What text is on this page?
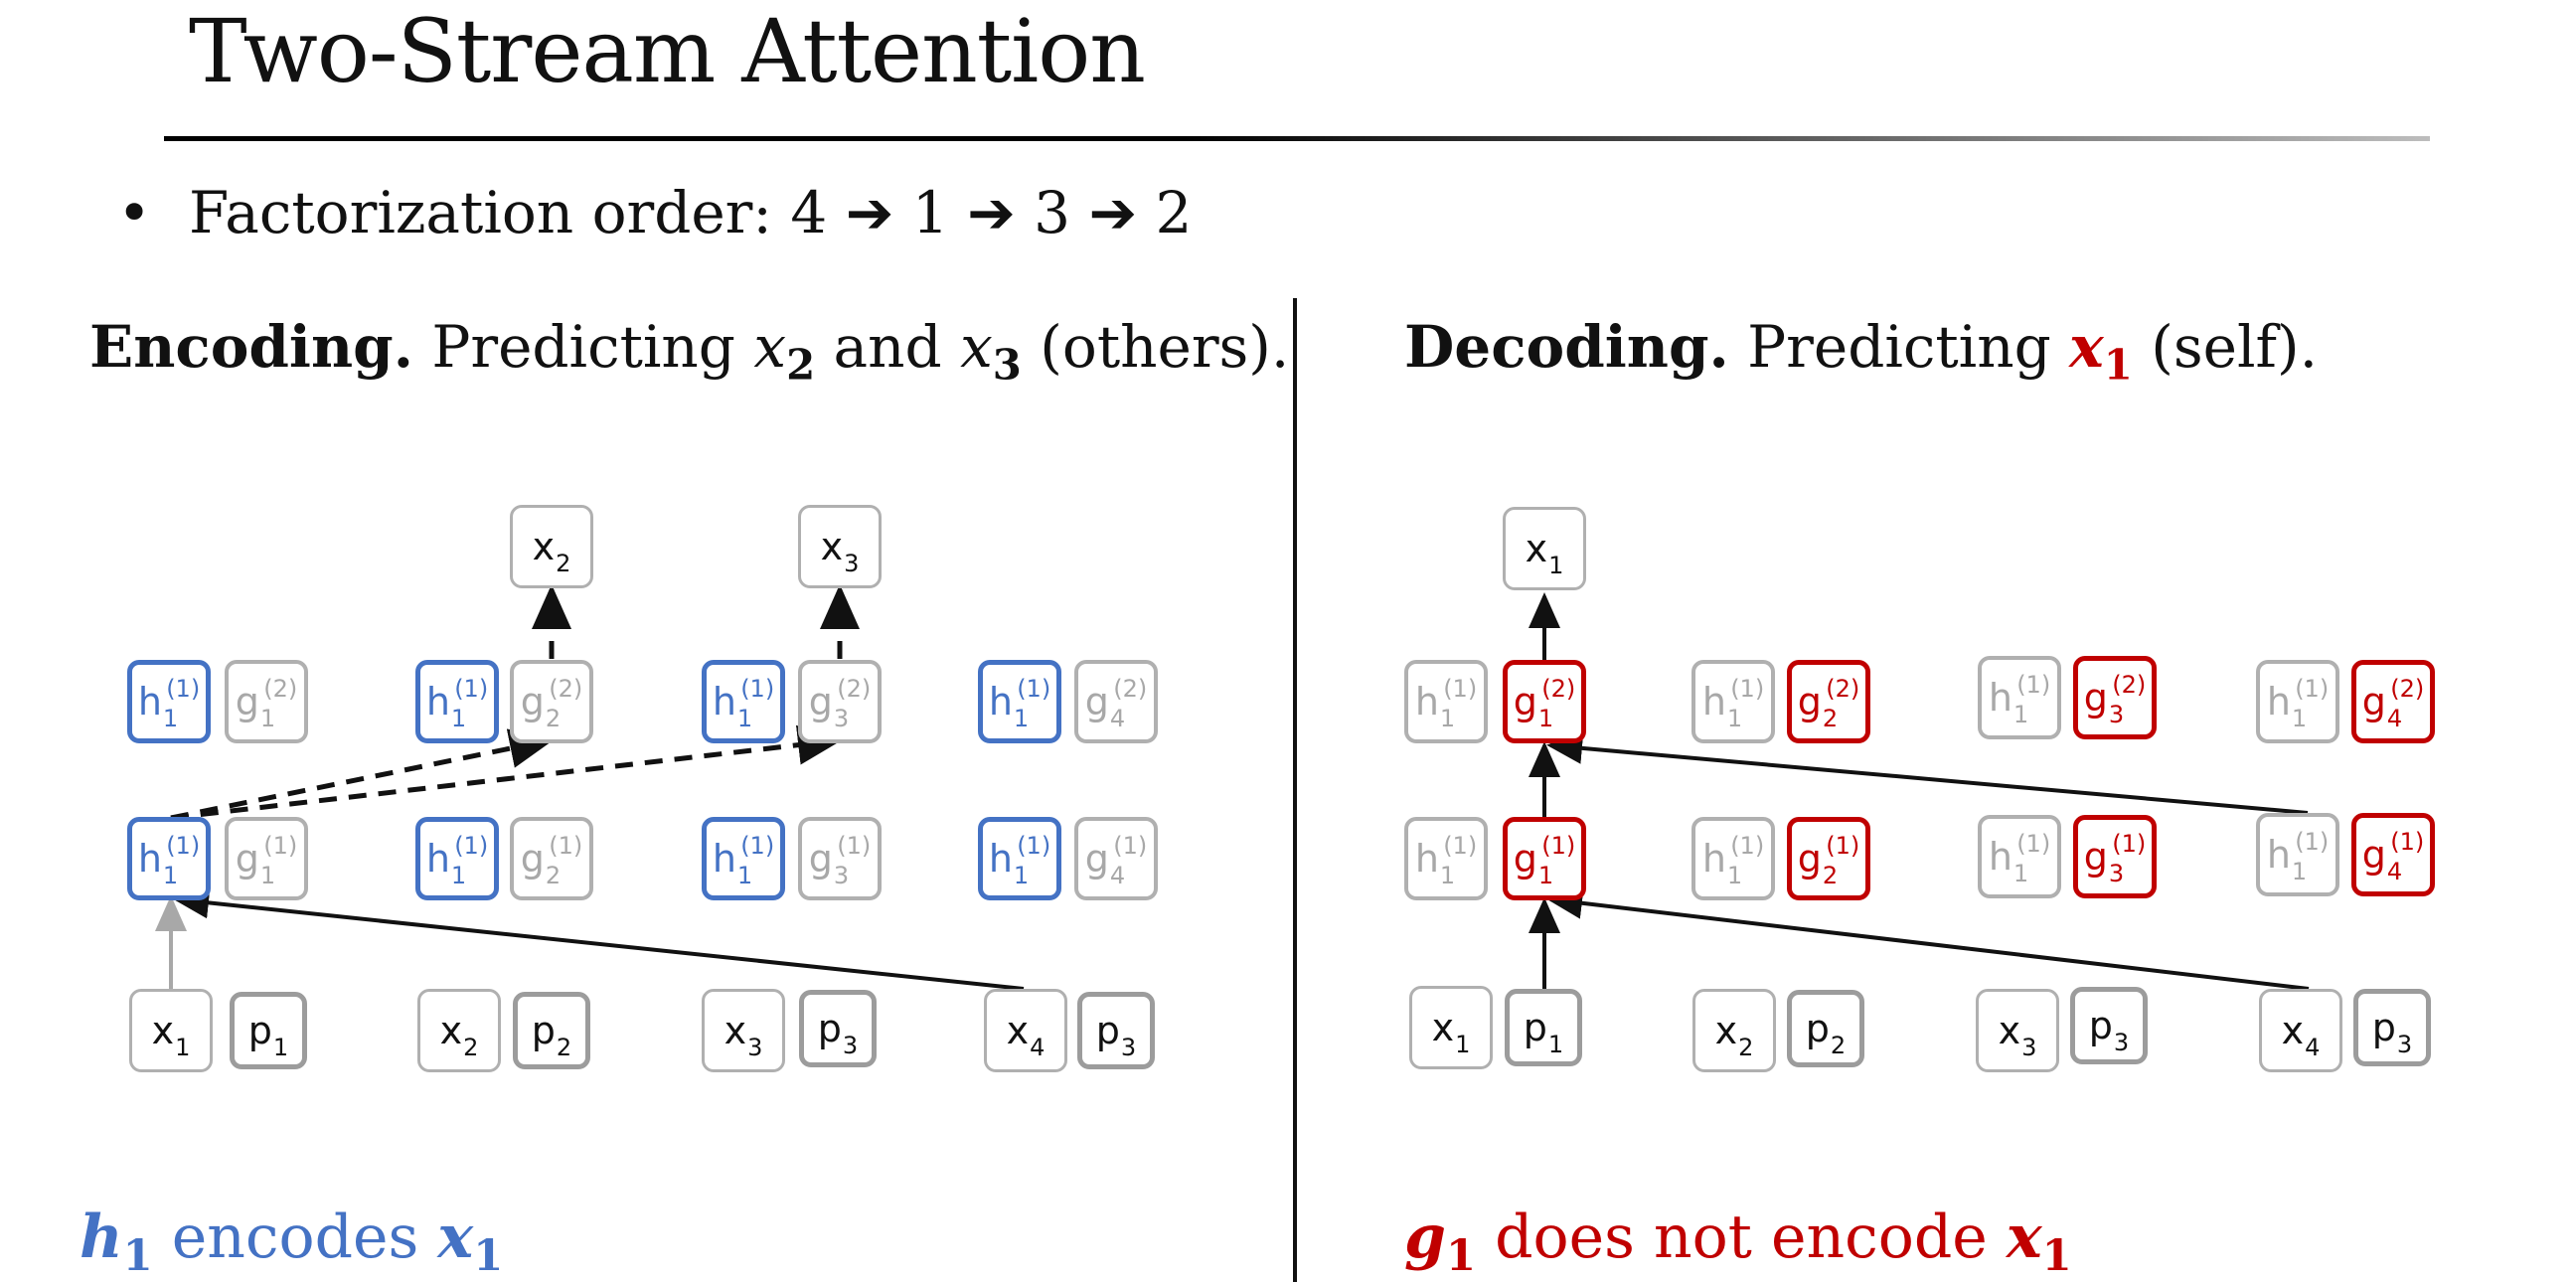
Two-Stream Attention
• Factorization order: 4 ➔ 1 ➔ 3 ➔ 2
Encoding. Predicting $x_2$ and $x_3$ (others). Decoding. Predicting $x_1$ (self).
$x_2$	$x_3$
$h_1^{(1)}$ $g_1^{(2)}$	$h_1^{(1)}$ $g_2^{(2)}$	$h_1^{(1)}$ $g_3^{(2)}$	$h_1^{(1)}$ $g_4^{(2)}$
$h_1^{(1)}$ $g_1^{(1)}$	$h_1^{(1)}$ $g_2^{(1)}$	$h_1^{(1)}$ $g_3^{(1)}$	$h_1^{(1)}$ $g_4^{(1)}$
$x_1$ $p_1$	$x_2$ $p_2$	$x_3$ $p_3$	$x_4$ $p_3$
$x_1$
$h_1^{(1)}$ $g_1^{(2)}$	$h_1^{(1)}$ $g_2^{(2)}$	$h_1^{(1)}$ $g_3^{(2)}$	$h_1^{(1)}$ $g_4^{(2)}$
$h_1^{(1)}$ $g_1^{(1)}$	$h_1^{(1)}$ $g_2^{(1)}$	$h_1^{(1)}$ $g_3^{(1)}$	$h_1^{(1)}$ $g_4^{(1)}$
$x_1$ $p_1$	$x_2$ $p_2$	$x_3$ $p_3$	$x_4$ $p_3$
$h_1$ encodes $x_1$	$g_1$ does not encode $x_1$
